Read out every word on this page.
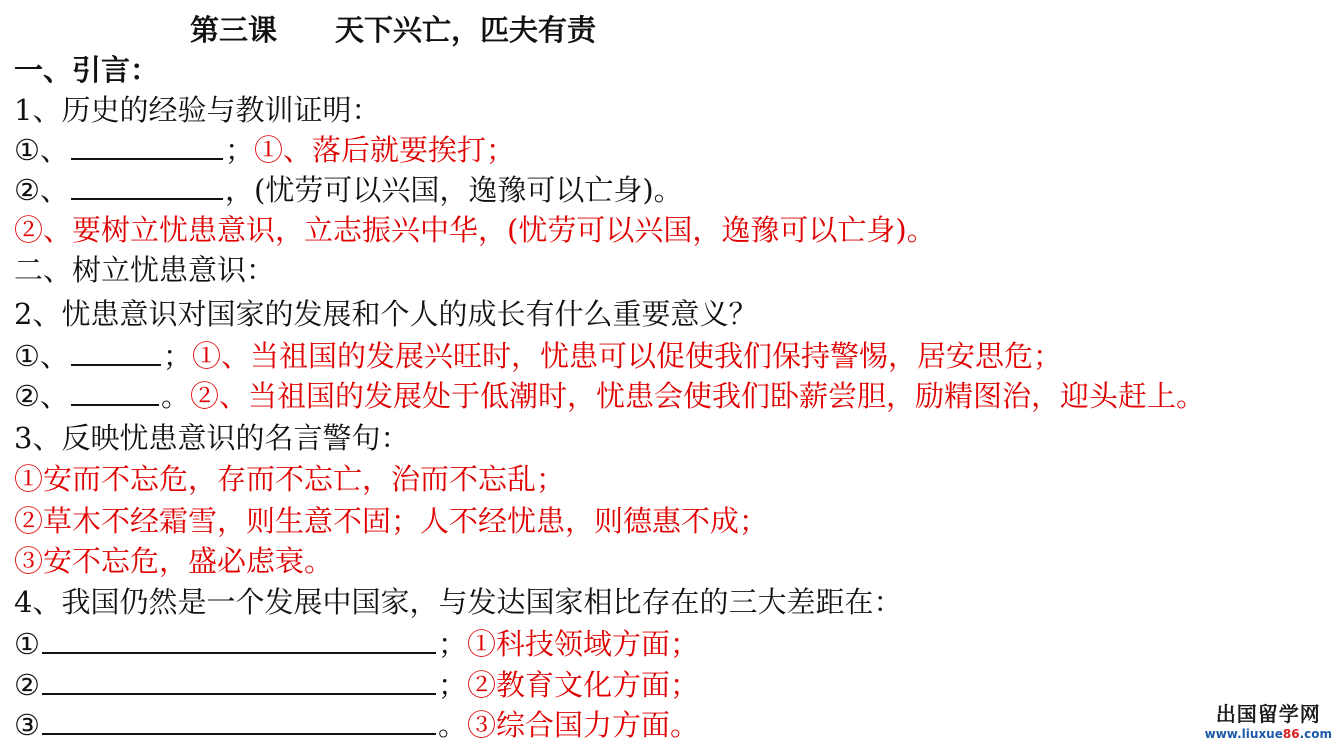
第三课　　天下兴亡，匹夫有责
一、引言：
1、历史的经验与教训证明：
①、	；①、落后就要挨打；
②、	，(忧劳可以兴国，逸豫可以亡身)。
②、要树立忧患意识，立志振兴中华，(忧劳可以兴国，逸豫可以亡身)。
二、树立忧患意识：
2、忧患意识对国家的发展和个人的成长有什么重要意义？
①、	；①、当祖国的发展兴旺时，忧患可以促使我们保持警惕，居安思危；
②、	。②、当祖国的发展处于低潮时，忧患会使我们卧薪尝胆，励精图治，迎头赶上。
3、反映忧患意识的名言警句：
①安而不忘危，存而不忘亡，治而不忘乱；
②草木不经霜雪，则生意不固；人不经忧患，则德惠不成；
③安不忘危，盛必虑衰。
4、我国仍然是一个发展中国家，与发达国家相比存在的三大差距在：
①	；①科技领域方面；
②	；②教育文化方面；
③	。③综合国力方面。	出国留学网
www.liuxue86.com
